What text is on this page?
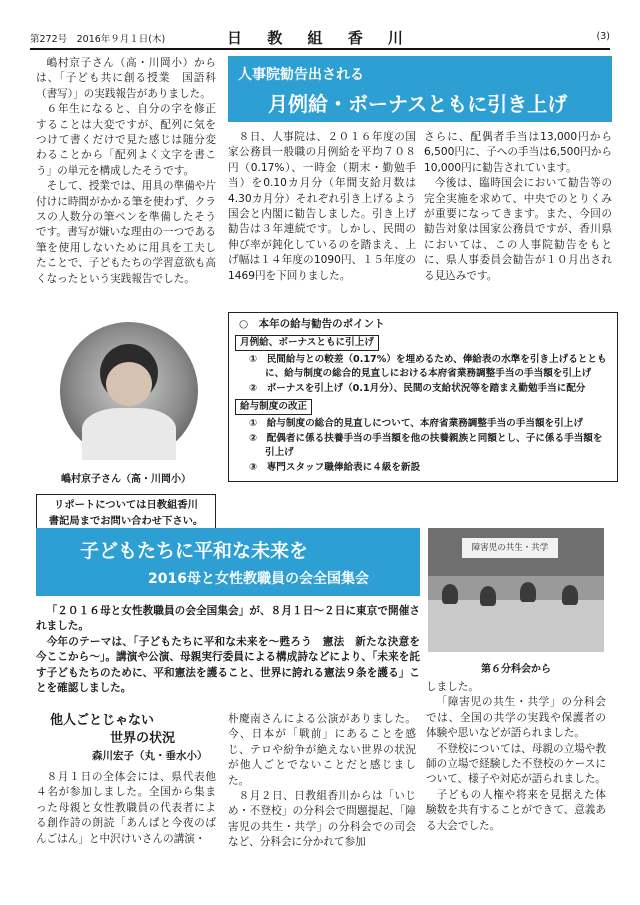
第272号　2016年９月１日(木)	日 教 組 香 川	(3)

嶋村京子さん（高・川岡小）からは、「子ども共に創る授業　国語科（書写）」の実践報告がありました。

６年生になると、自分の字を修正することは大変ですが、配列に気をつけて書くだけで見た感じは随分変わることから「配列よく文字を書こう」の単元を構成したそうです。

そして、授業では、用具の準備や片付けに時間がかかる筆を使わず、クラスの人数分の筆ペンを準備したそうです。書写が嫌いな理由の一つである筆を使用しないために用具を工夫したことで、子どもたちの学習意欲も高くなったという実践報告でした。

嶋村京子さん（高・川岡小）
リポートについては日教組香川
書記局までお問い合わせ下さい。
人事院勧告出される
月例給・ボーナスともに引き上げ

８日、人事院は、２０１６年度の国家公務員一般職の月例給を平均７０８円（0.17%）、一時金（期末・勤勉手当）を0.10カ月分（年間支給月数は4.30カ月分）それぞれ引き上げるよう国会と内閣に勧告しました。引き上げ勧告は３年連続です。しかし、民間の伸び率が鈍化しているのを踏まえ、上げ幅は１４年度の1090円、１５年度の1469円を下回りました。

さらに、配偶者手当は13,000円から6,500円に、子への手当は6,500円から10,000円に勧告されています。

今後は、臨時国会において勧告等の完全実施を求めて、中央でのとりくみが重要になってきます。また、今回の勧告対象は国家公務員ですが、香川県においては、この人事院勧告をもとに、県人事委員会勧告が１０月出される見込みです。

○　本年の給与勧告のポイント
月例給、ボーナスともに引上げ

①　民間給与との較差（0.17%）を埋めるため、俸給表の水準を引き上げるとともに、給与制度の総合的見直しにおける本府省業務調整手当の手当額を引上げ

②　ボーナスを引上げ（0.1月分）、民間の支給状況等を踏まえ勤勉手当に配分

給与制度の改正

①　給与制度の総合的見直しについて、本府省業務調整手当の手当額を引上げ

②　配偶者に係る扶養手当の手当額を他の扶養親族と同額とし、子に係る手当額を引上げ

③　専門スタッフ職俸給表に４級を新設

子どもたちに平和な未来を
2016母と女性教職員の会全国集会
障害児の共生・共学
第６分科会から

「２０１６母と女性教職員の会全国集会」が、８月１日〜２日に東京で開催されました。

今年のテーマは、「子どもたちに平和な未来を〜甦ろう　憲法　新たな決意を今ここから〜」。講演や公演、母親実行委員による構成詩などにより、「未来を託す子どもたちのために、平和憲法を護ること、世界に誇れる憲法９条を護る」ことを確認しました。

他人ごとじゃない
世界の状況
森川宏子（丸・垂水小）

８月１日の全体会には、県代表他４名が参加しました。全国から集まった母親と女性教職員の代表者による創作詩の朗読「あんぱと今夜のばんごはん」と中沢けいさんの講演・

朴慶南さんによる公演がありました。今、日本が「戦前」にあることを感じ、テロや紛争が絶えない世界の状況が他人ごとでないことだと感じました。

８月２日、日教組香川からは「いじめ・不登校」の分科会で問題提起、「障害児の共生・共学」の分科会での司会など、分科会に分かれて参加

しました。

「障害児の共生・共学」の分科会では、全国の共学の実践や保護者の体験や思いなどが語られました。

不登校については、母親の立場や教師の立場で経験した不登校のケースについて、様子や対応が語られました。

子どもの人権や将来を見据えた体験数を共有することができて、意義ある大会でした。
